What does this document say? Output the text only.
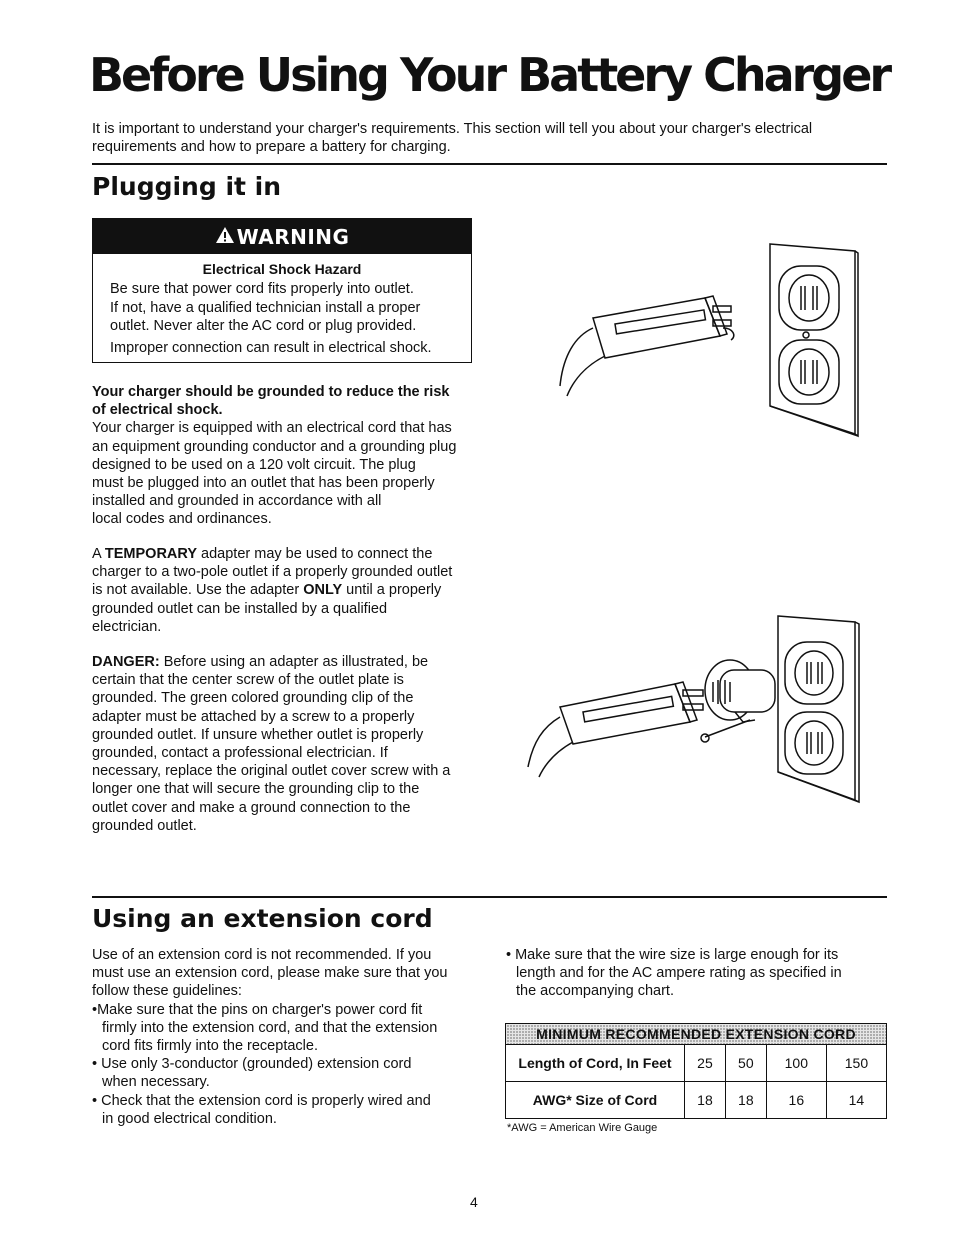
Before Using Your Battery Charger
It is important to understand your charger's requirements. This section will tell you about your charger's electrical
requirements and how to prepare a battery for charging.
Plugging it in
WARNING
Electrical Shock Hazard

Be sure that power cord fits properly into outlet.

If not, have a qualified technician install a proper

outlet. Never alter the AC cord or plug provided.

Improper connection can result in electrical shock.

Your charger should be grounded to reduce the risk

of electrical shock.

Your charger is equipped with an electrical cord that has

an equipment grounding conductor and a grounding plug

designed to be used on a 120 volt circuit. The plug

must be plugged into an outlet that has been properly

installed and grounded in accordance with all

local codes and ordinances.

A TEMPORARY adapter may be used to connect the

charger to a two-pole outlet if a properly grounded outlet

is not available. Use the adapter ONLY until a properly

grounded outlet can be installed by a qualified

electrician.

DANGER: Before using an adapter as illustrated, be

certain that the center screw of the outlet plate is

grounded. The green colored grounding clip of the

adapter must be attached by a screw to a properly

grounded outlet. If unsure whether outlet is properly

grounded, contact a professional electrician. If

necessary, replace the original outlet cover screw with a

longer one that will secure the grounding clip to the

outlet cover and make a ground connection to the

grounded outlet.

Using an extension cord

Use of an extension cord is not recommended. If you

must use an extension cord, please make sure that you

follow these guidelines:

•Make sure that the pins on charger's power cord fit

firmly into the extension cord, and that the extension

cord fits firmly into the receptacle.

• Use only 3-conductor (grounded) extension cord

when necessary.

• Check that the extension cord is properly wired and

in good electrical condition.

• Make sure that the wire size is large enough for its

length and for the AC ampere rating as specified in

the accompanying chart.

MINIMUM RECOMMENDED EXTENSION CORD				
Length of Cord, In Feet	25	50	100	150
AWG* Size of Cord	18	18	16	14
*AWG = American Wire Gauge
4
